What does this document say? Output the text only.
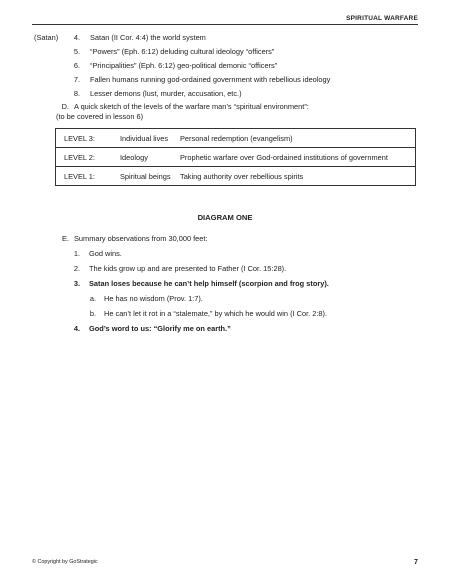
SPIRITUAL WARFARE
(Satan)	4. Satan (II Cor. 4:4) the world system
5. “Powers” (Eph. 6:12) deluding cultural ideology “officers”
6. “Principalities” (Eph. 6:12) geo-political demonic “officers”
7. Fallen humans running god-ordained government with rebellious ideology
8. Lesser demons (lust, murder, accusation, etc.)
D. A quick sketch of the levels of the warfare man’s “spiritual environment”:
(to be covered in lesson 6)
LEVEL 3:	Individual lives	Personal redemption (evangelism)
LEVEL 2:	Ideology	Prophetic warfare over God-ordained institutions of government
LEVEL 1:	Spiritual beings	Taking authority over rebellious spirits
DIAGRAM ONE
E. Summary observations from 30,000 feet:
1. God wins.
2. The kids grow up and are presented to Father (I Cor. 15:28).
3. Satan loses because he can’t help himself (scorpion and frog story).
a. He has no wisdom (Prov. 1:7).
b. He can’t let it rot in a “stalemate,” by which he would win (I Cor. 2:8).
4. God’s word to us: “Glorify me on earth.”
© Copyright by GoStrategic	7
